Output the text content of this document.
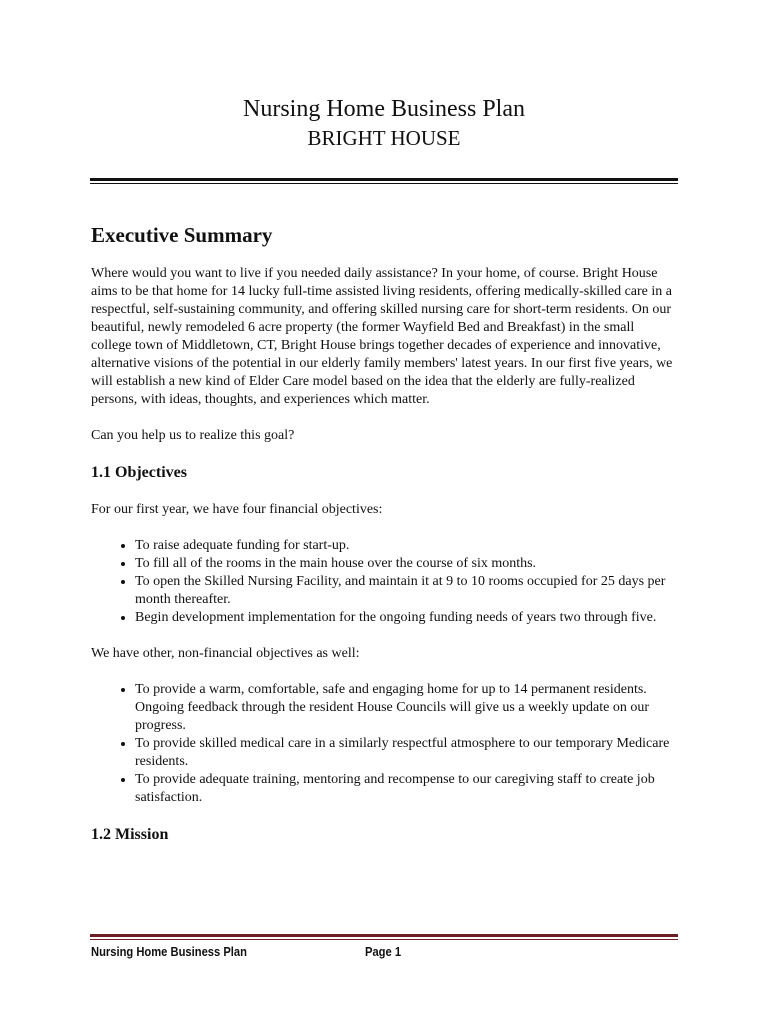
Nursing Home Business Plan
BRIGHT HOUSE
Executive Summary

Where would you want to live if you needed daily assistance? In your home, of course. Bright House aims to be that home for 14 lucky full-time assisted living residents, offering medically-skilled care in a respectful, self-sustaining community, and offering skilled nursing care for short-term residents. On our beautiful, newly remodeled 6 acre property (the former Wayfield Bed and Breakfast) in the small college town of Middletown, CT, Bright House brings together decades of experience and innovative, alternative visions of the potential in our elderly family members' latest years. In our first five years, we will establish a new kind of Elder Care model based on the idea that the elderly are fully-realized persons, with ideas, thoughts, and experiences which matter.

Can you help us to realize this goal?

1.1 Objectives

For our first year, we have four financial objectives:

• To raise adequate funding for start-up.
• To fill all of the rooms in the main house over the course of six months.
• To open the Skilled Nursing Facility, and maintain it at 9 to 10 rooms occupied for 25 days per month thereafter.
• Begin development implementation for the ongoing funding needs of years two through five.

We have other, non-financial objectives as well:

• To provide a warm, comfortable, safe and engaging home for up to 14 permanent residents. Ongoing feedback through the resident House Councils will give us a weekly update on our progress.
• To provide skilled medical care in a similarly respectful atmosphere to our temporary Medicare residents.
• To provide adequate training, mentoring and recompense to our caregiving staff to create job satisfaction.
1.2 Mission
Nursing Home Business Plan	Page 1
